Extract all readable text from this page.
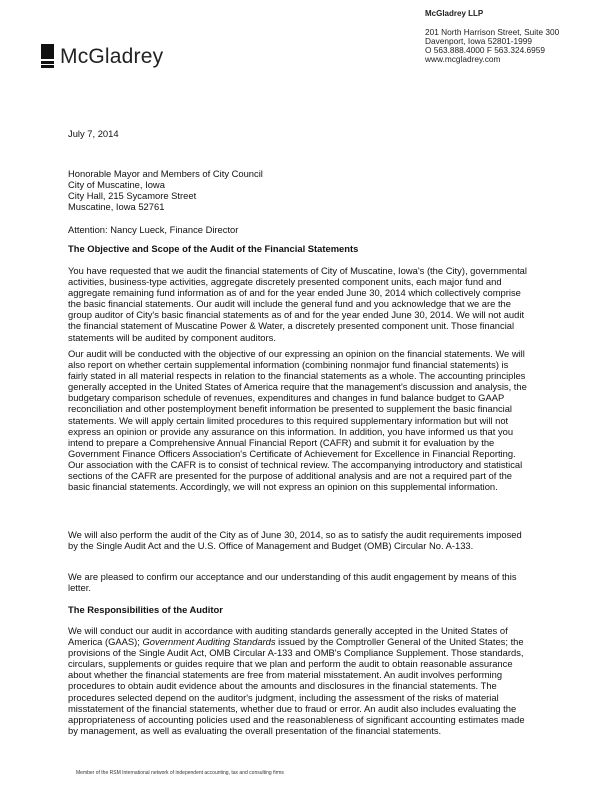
McGladrey
McGladrey LLP
201 North Harrison Street, Suite 300
Davenport, Iowa 52801-1999
O 563.888.4000 F 563.324.6959
www.mcgladrey.com
July 7, 2014
Honorable Mayor and Members of City Council
City of Muscatine, Iowa
City Hall, 215 Sycamore Street
Muscatine, Iowa 52761
Attention: Nancy Lueck, Finance Director
The Objective and Scope of the Audit of the Financial Statements
You have requested that we audit the financial statements of City of Muscatine, Iowa's (the City), governmental
activities, business-type activities, aggregate discretely presented component units, each major fund and
aggregate remaining fund information as of and for the year ended June 30, 2014 which collectively comprise
the basic financial statements. Our audit will include the general fund and you acknowledge that we are the
group auditor of City's basic financial statements as of and for the year ended June 30, 2014. We will not audit
the financial statement of Muscatine Power & Water, a discretely presented component unit. Those financial
statements will be audited by component auditors.
Our audit will be conducted with the objective of our expressing an opinion on the financial statements. We will
also report on whether certain supplemental information (combining nonmajor fund financial statements) is
fairly stated in all material respects in relation to the financial statements as a whole. The accounting principles
generally accepted in the United States of America require that the management's discussion and analysis, the
budgetary comparison schedule of revenues, expenditures and changes in fund balance budget to GAAP
reconciliation and other postemployment benefit information be presented to supplement the basic financial
statements. We will apply certain limited procedures to this required supplementary information but will not
express an opinion or provide any assurance on this information. In addition, you have informed us that you
intend to prepare a Comprehensive Annual Financial Report (CAFR) and submit it for evaluation by the
Government Finance Officers Association's Certificate of Achievement for Excellence in Financial Reporting.
Our association with the CAFR is to consist of technical review. The accompanying introductory and statistical
sections of the CAFR are presented for the purpose of additional analysis and are not a required part of the
basic financial statements. Accordingly, we will not express an opinion on this supplemental information.
We will also perform the audit of the City as of June 30, 2014, so as to satisfy the audit requirements imposed
by the Single Audit Act and the U.S. Office of Management and Budget (OMB) Circular No. A-133.
We are pleased to confirm our acceptance and our understanding of this audit engagement by means of this
letter.
The Responsibilities of the Auditor
We will conduct our audit in accordance with auditing standards generally accepted in the United States of
America (GAAS); Government Auditing Standards issued by the Comptroller General of the United States; the
provisions of the Single Audit Act, OMB Circular A-133 and OMB's Compliance Supplement. Those standards,
circulars, supplements or guides require that we plan and perform the audit to obtain reasonable assurance
about whether the financial statements are free from material misstatement. An audit involves performing
procedures to obtain audit evidence about the amounts and disclosures in the financial statements. The
procedures selected depend on the auditor's judgment, including the assessment of the risks of material
misstatement of the financial statements, whether due to fraud or error. An audit also includes evaluating the
appropriateness of accounting policies used and the reasonableness of significant accounting estimates made
by management, as well as evaluating the overall presentation of the financial statements.
Member of the RSM International network of independent accounting, tax and consulting firms
